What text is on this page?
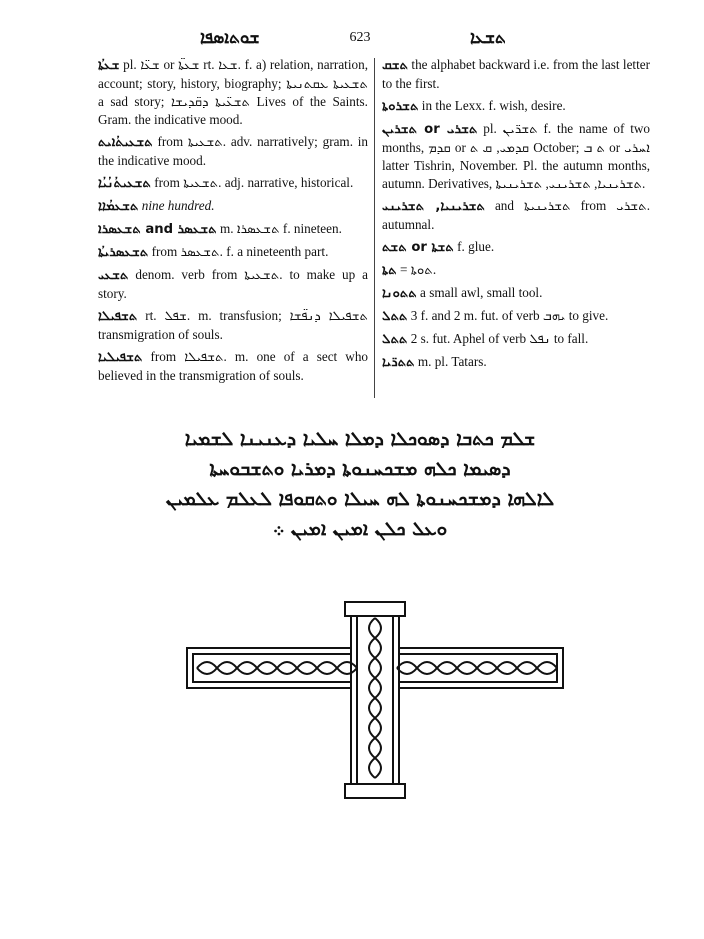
ܫܘܬܐܣܦܐ	623	ܬܫܥܐ

ܫܥܬܳܐ pl. ܫܥ̈ܐ or ܫܥܬ̈ܐ rt. ܫܥܐ. f. a) relation, narration, account; story, history, biography; ܬܫܥܝܬܐ ܥܩܬܢܝܬܐ a sad story; ܬܫܥ̈ܝܬܐ ܕܩ̈ܕܝܫܐ Lives of the Saints. Gram. the indicative mood.

ܬܫܥܝܬܳܐܝܬ from ܬܫܥܝܬܐ. adv. narratively; gram. in the indicative mood.

ܬܫܥܝܬܳܢܳܝܳܐ from ܬܫܥܝܬܐ. adj. narrative, historical.

ܬܫܥܡܳܐܐ nine hundred.

ܬܫܥܣܪ and ܬܫܥܣܪܐ m. ܬܫܥܣܪܐ f. nineteen.

ܬܫܥܣܪܝܬܳܐ from ܬܫܥܣܪ. f. a nineteenth part.

ܬܫܥܝ denom. verb from ܬܫܥܝܬܐ. to make up a story.

ܬܫܦܝܠܐ rt. ܫܦܠ. m. transfusion; ܬܫܦܝܠܐ ܕܢܦ̈ܫܐ transmigration of souls.

ܬܫܦܝܠܝܐ from ܬܫܦܝܠܐ. m. one of a sect who believed in the transmigration of souls.

ܬܫܩ the alphabet backward i.e. from the last letter to the first.

ܬܫܪܘܬܐ in the Lexx. f. wish, desire.

ܬܫܪܝ or ܬܫܪܝܢ pl. ܬܫܪ̈ܝܢ f. the name of two months, ܩܕܡ or ܩܕܡܝ, ܩ ܬ October; ܬ ܒ or ܐܚܪܝ latter Tishrin, November. Pl. the autumn months, autumn. Derivatives, ܬܫܪܝܢܝܐ, ܬܫܪܝܢܝ, ܬܫܪܝܢܝܬܐ.

ܬܫܪܝܢܝܐ, ܬܫܪܝܢܝ and ܬܫܪܝܢܝܬܐ from ܬܫܪܝ. autumnal.

ܬܫܬܐ or ܬܫܬ f. glue.

ܬܬܐ = ܬܘܬܐ.

ܬܬܘܢܐ a small awl, small tool.

ܬܬܠ 3 f. and 2 m. fut. of verb ܝܗܒ to give.

ܬܬܠ 2 s. fut. Aphel of verb ܢܦܠ to fall.

ܬܬܪ̈ܝܐ m. pl. Tatars.

ܫܠܡ ܟܬܒܐ ܕܣܘܟܠܐ ܕܡܠܐ ܚܠܝܐ ܕܥܢܝܢܐ ܠܫܡܝܐ
ܕܣܝܡܐ ܟܠܗ ܡܫܟܚܢܘܬܐ ܕܡܪܝܐ ܘܬܫܒܘܚܬܐ
ܠܐܠܗܐ ܕܡܫܟܚܢܘܬܐ ܠܗ ܚܝܠܐ ܘܬܩܘܦܐ ܠܥܠܡ ܥܠܡܝܢ
ܘܥܠ ܟܠܢ ܐܡܝܢ ܐܡܝܢ ܀
